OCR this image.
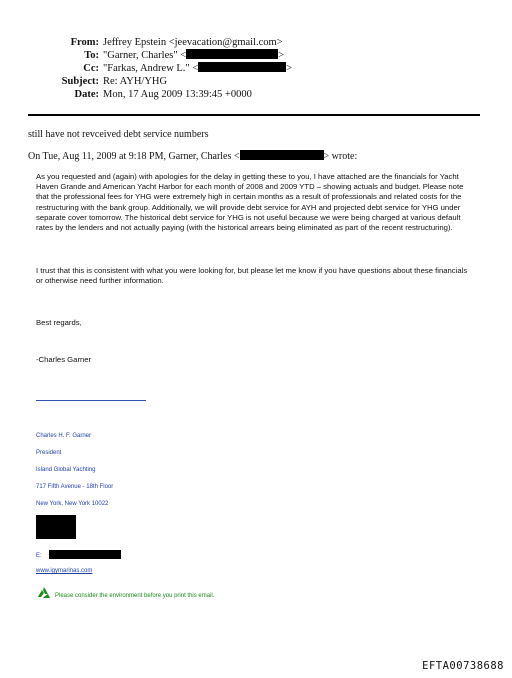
From: Jeffrey Epstein <jeevacation@gmail.com>
To: "Garner, Charles" <	>
Cc: "Farkas, Andrew L." <	>
Subject: Re: AYH/YHG
Date: Mon, 17 Aug 2009 13:39:45 +0000
still have not revceived debt service numbers
On Tue, Aug 11, 2009 at 9:18 PM, Garner, Charles <	> wrote:

As you requested and (again) with apologies for the delay in getting these to you, I have attached are the financials for Yacht Haven Grande and American Yacht Harbor for each month of 2008 and 2009 YTD – showing actuals and budget. Please note that the professional fees for YHG were extremely high in certain months as a result of professionals and related costs for the restructuring with the bank group. Additionally, we will provide debt service for AYH and projected debt service for YHG under separate cover tomorrow. The historical debt service for YHG is not useful because we were being charged at various default rates by the lenders and not actually paying (with the historical arrears being eliminated as part of the recent restructuring).

I trust that this is consistent with what you were looking for, but please let me know if you have questions about these financials or otherwise need further information.

Best regards,
-Charles Garner
Charles H. F. Garner
President
Island Global Yachting
717 Fifth Avenue - 18th Floor
New York, New York 10022
E:
www.igymarinas.com
Please consider the environment before you print this email.
EFTA00738688
